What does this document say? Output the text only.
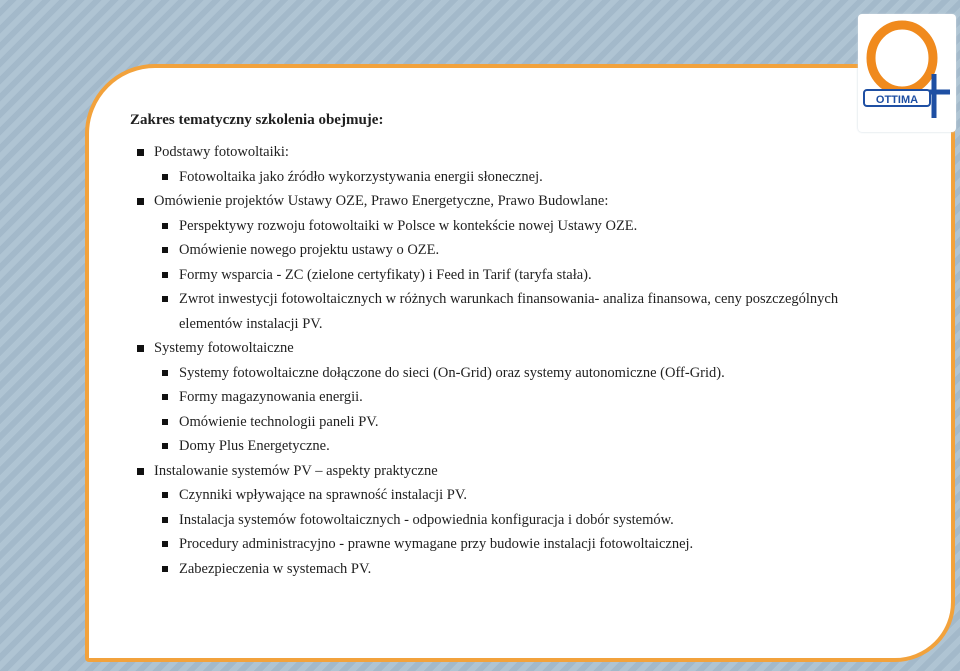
OTTIMA
Zakres tematyczny szkolenia obejmuje:
Podstawy fotowoltaiki:
Fotowoltaika jako źródło wykorzystywania energii słonecznej.
Omówienie projektów Ustawy OZE, Prawo Energetyczne, Prawo Budowlane:
Perspektywy rozwoju fotowoltaiki w Polsce w kontekście nowej Ustawy OZE.
Omówienie nowego projektu ustawy o OZE.
Formy wsparcia - ZC (zielone certyfikaty) i Feed in Tarif (taryfa stała).
Zwrot inwestycji fotowoltaicznych w różnych warunkach finansowania- analiza finansowa, ceny poszczególnych
elementów instalacji PV.
Systemy fotowoltaiczne
Systemy fotowoltaiczne dołączone do sieci (On-Grid) oraz systemy autonomiczne (Off-Grid).
Formy magazynowania energii.
Omówienie technologii paneli PV.
Domy Plus Energetyczne.
Instalowanie systemów PV – aspekty praktyczne
Czynniki wpływające na sprawność instalacji PV.
Instalacja systemów fotowoltaicznych - odpowiednia konfiguracja i dobór systemów.
Procedury administracyjno - prawne wymagane przy budowie instalacji fotowoltaicznej.
Zabezpieczenia w systemach PV.
